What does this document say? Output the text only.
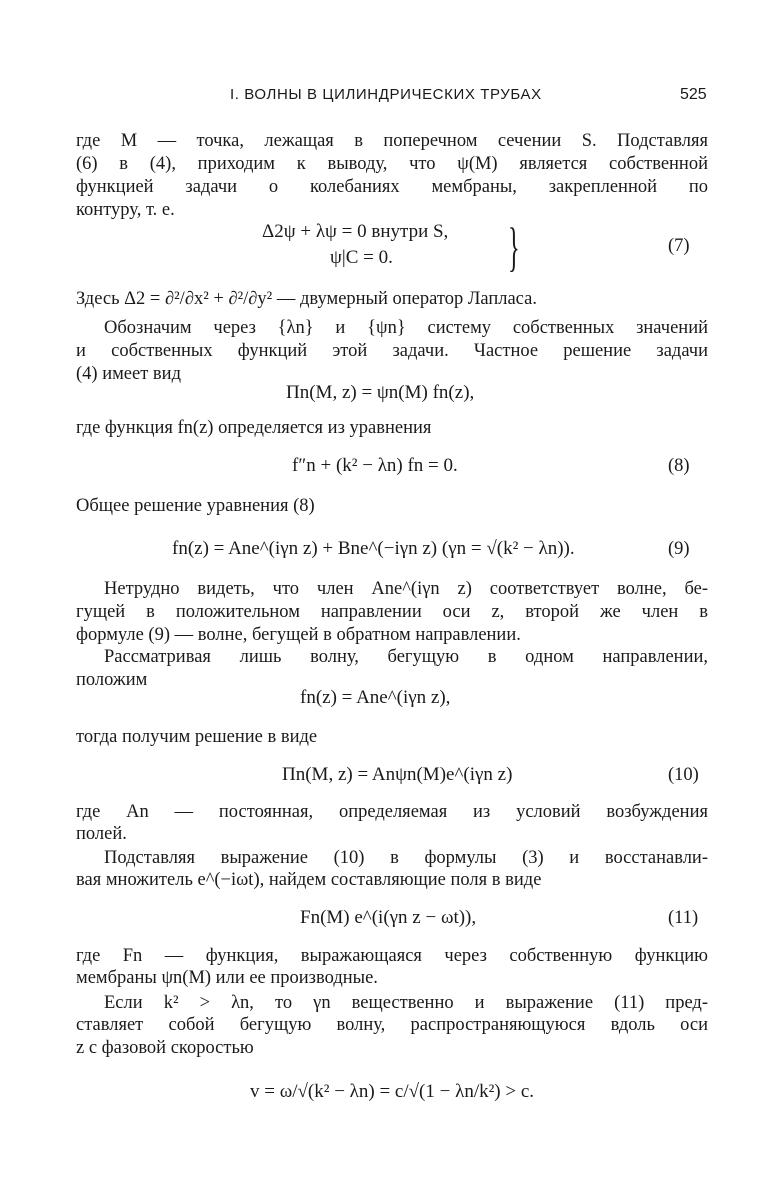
I. ВОЛНЫ В ЦИЛИНДРИЧЕСКИХ ТРУБАХ	525
где M — точка, лежащая в поперечном сечении S. Подставляя
(6) в (4), приходим к выводу, что ψ(M) является собственной
функцией задачи о колебаниях мембраны, закрепленной по
контуру, т. е.
Δ2ψ + λψ = 0 внутри S,
ψ|C = 0. }	(7)
Здесь Δ2 = ∂²/∂x² + ∂²/∂y² — двумерный оператор Лапласа.
Обозначим через {λn} и {ψn} систему собственных значений
и собственных функций этой задачи. Частное решение задачи
(4) имеет вид
Πn(M, z) = ψn(M) fn(z),
где функция fn(z) определяется из уравнения
f″n + (k² − λn) fn = 0.	(8)
Общее решение уравнения (8)
fn(z) = Ane^(iγn z) + Bne^(−iγn z) (γn = √(k² − λn)).	(9)
Нетрудно видеть, что член Ane^(iγn z) соответствует волне, бе-
гущей в положительном направлении оси z, второй же член в
формуле (9) — волне, бегущей в обратном направлении.
Рассматривая лишь волну, бегущую в одном направлении,
положим
fn(z) = Ane^(iγn z),
тогда получим решение в виде
Πn(M, z) = Anψn(M)e^(iγn z)	(10)
где An — постоянная, определяемая из условий возбуждения
полей.
Подставляя выражение (10) в формулы (3) и восстанавли-
вая множитель e^(−iωt), найдем составляющие поля в виде
Fn(M) e^(i(γn z − ωt)),	(11)
где Fn — функция, выражающаяся через собственную функцию
мембраны ψn(M) или ее производные.
Если k² > λn, то γn вещественно и выражение (11) пред-
ставляет собой бегущую волну, распространяющуюся вдоль оси
z с фазовой скоростью
v = ω/√(k² − λn) = c/√(1 − λn/k²) > c.
